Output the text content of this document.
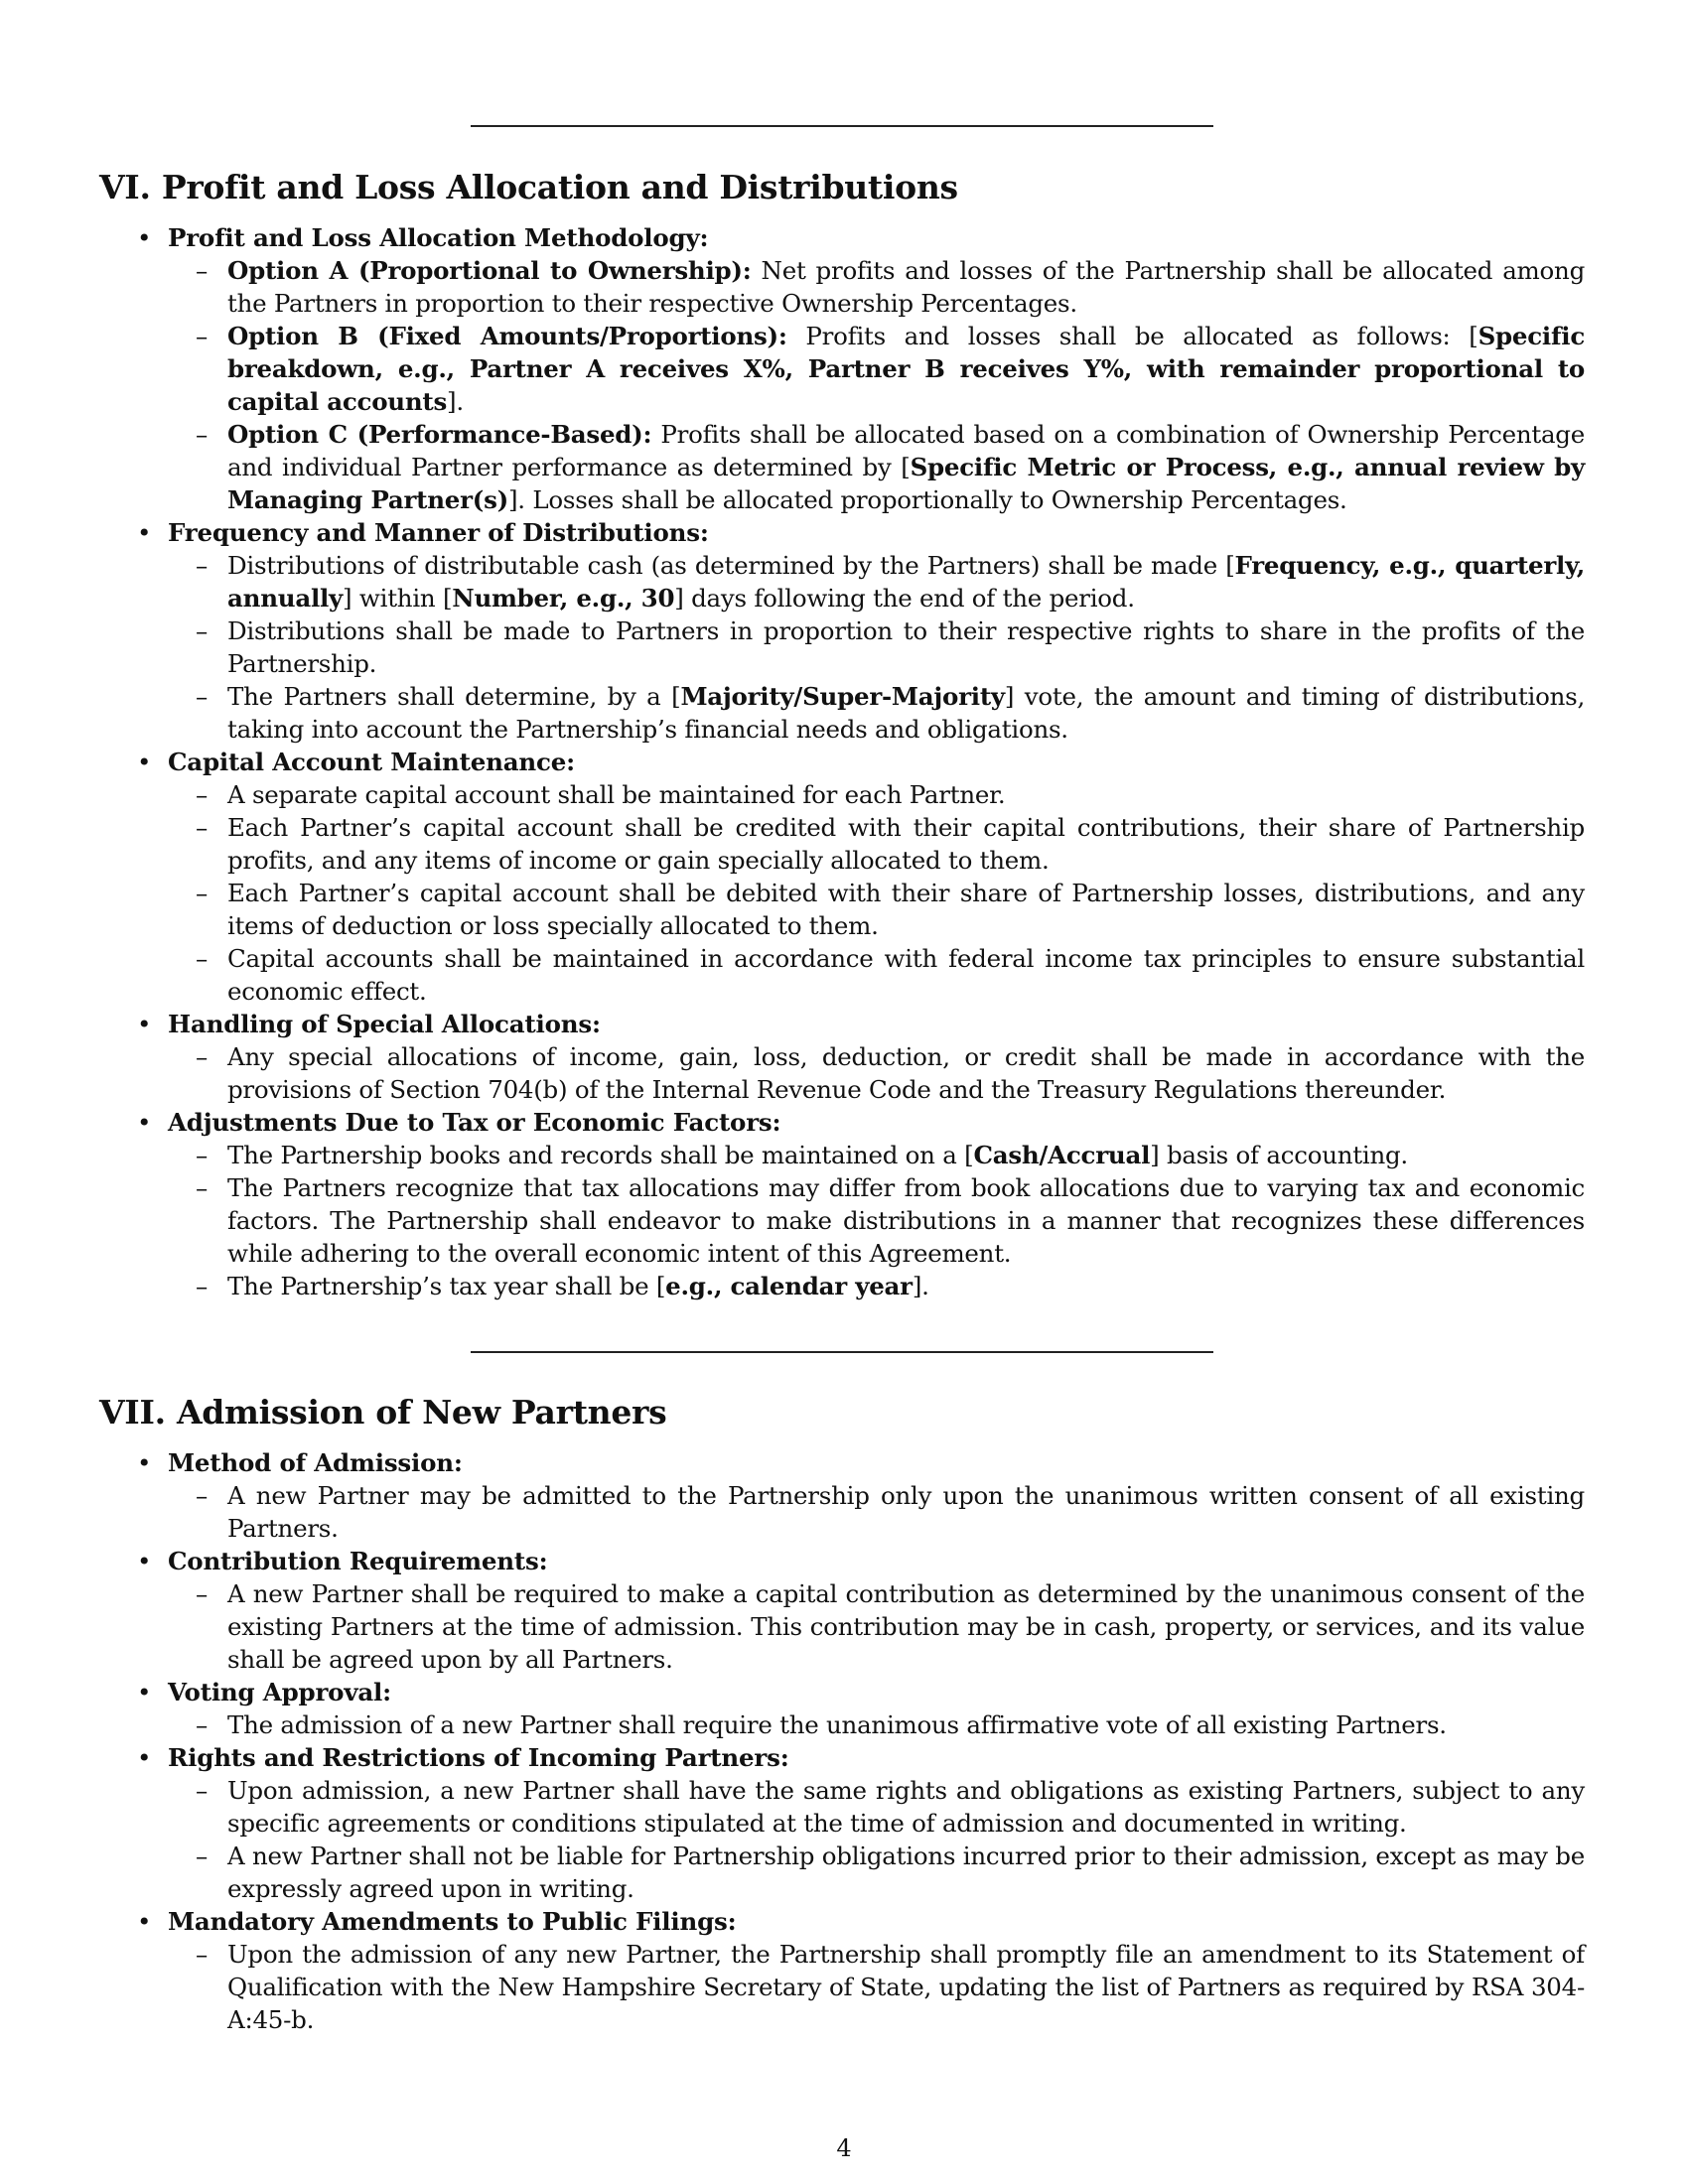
VI. Profit and Loss Allocation and Distributions
• Profit and Loss Allocation Methodology:
– Option A (Proportional to Ownership): Net profits and losses of the Partnership shall be allocated among the Partners in proportion to their respective Ownership Percentages.
– Option B (Fixed Amounts/Proportions): Profits and losses shall be allocated as follows: [Specific breakdown, e.g., Partner A receives X%, Partner B receives Y%, with remainder proportional to capital accounts].
– Option C (Performance-Based): Profits shall be allocated based on a combination of Ownership Percentage and individual Partner performance as determined by [Specific Metric or Process, e.g., annual review by Managing Partner(s)]. Losses shall be allocated proportionally to Ownership Percentages.
• Frequency and Manner of Distributions:
– Distributions of distributable cash (as determined by the Partners) shall be made [Frequency, e.g., quarterly, annually] within [Number, e.g., 30] days following the end of the period.
– Distributions shall be made to Partners in proportion to their respective rights to share in the profits of the Partnership.
– The Partners shall determine, by a [Majority/Super-Majority] vote, the amount and timing of distributions, taking into account the Partnership’s financial needs and obligations.
• Capital Account Maintenance:
– A separate capital account shall be maintained for each Partner.
– Each Partner’s capital account shall be credited with their capital contributions, their share of Partnership profits, and any items of income or gain specially allocated to them.
– Each Partner’s capital account shall be debited with their share of Partnership losses, distributions, and any items of deduction or loss specially allocated to them.
– Capital accounts shall be maintained in accordance with federal income tax principles to ensure substantial economic effect.
• Handling of Special Allocations:
– Any special allocations of income, gain, loss, deduction, or credit shall be made in accordance with the provisions of Section 704(b) of the Internal Revenue Code and the Treasury Regulations thereunder.
• Adjustments Due to Tax or Economic Factors:
– The Partnership books and records shall be maintained on a [Cash/Accrual] basis of accounting.
– The Partners recognize that tax allocations may differ from book allocations due to varying tax and economic factors. The Partnership shall endeavor to make distributions in a manner that recognizes these differences while adhering to the overall economic intent of this Agreement.
– The Partnership’s tax year shall be [e.g., calendar year].
VII. Admission of New Partners
• Method of Admission:
– A new Partner may be admitted to the Partnership only upon the unanimous written consent of all existing Partners.
• Contribution Requirements:
– A new Partner shall be required to make a capital contribution as determined by the unanimous consent of the existing Partners at the time of admission. This contribution may be in cash, property, or services, and its value shall be agreed upon by all Partners.
• Voting Approval:
– The admission of a new Partner shall require the unanimous affirmative vote of all existing Partners.
• Rights and Restrictions of Incoming Partners:
– Upon admission, a new Partner shall have the same rights and obligations as existing Partners, subject to any specific agreements or conditions stipulated at the time of admission and documented in writing.
– A new Partner shall not be liable for Partnership obligations incurred prior to their admission, except as may be expressly agreed upon in writing.
• Mandatory Amendments to Public Filings:
– Upon the admission of any new Partner, the Partnership shall promptly file an amendment to its Statement of Qualification with the New Hampshire Secretary of State, updating the list of Partners as required by RSA 304-A:45-b.
4
